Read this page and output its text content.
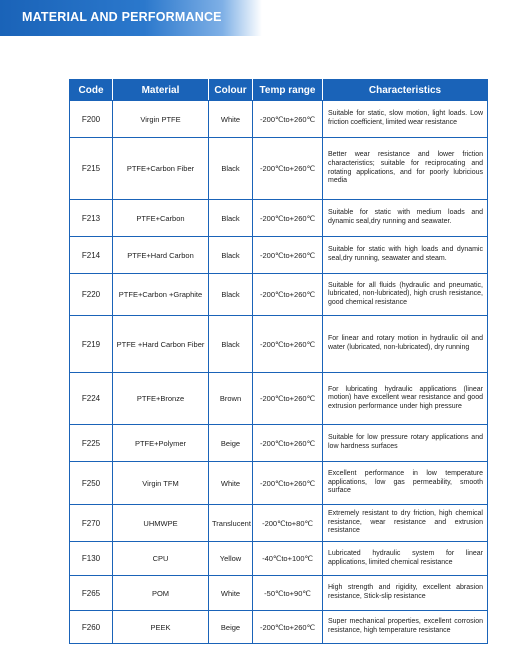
MATERIAL AND PERFORMANCE
Code	Material	Colour	Temp range	Characteristics
F200	Virgin PTFE	White	-200℃to+260℃	Suitable for static, slow motion, light loads. Low friction coefficient, limited wear resistance
F215	PTFE+Carbon Fiber	Black	-200℃to+260℃	Better wear resistance and lower friction characteristics; suitable for reciprocating and rotating applications, and for poorly lubricious media
F213	PTFE+Carbon	Black	-200℃to+260℃	Suitable for static with medium loads and dynamic seal,dry running and seawater.
F214	PTFE+Hard Carbon	Black	-200℃to+260℃	Suitable for static with high loads and dynamic seal,dry running, seawater and steam.
F220	PTFE+Carbon +Graphite	Black	-200℃to+260℃	Suitable for all fluids (hydraulic and pneumatic, lubricated, non-lubricated), high crush resistance, good chemical resistance
F219	PTFE +Hard Carbon Fiber	Black	-200℃to+260℃	For linear and rotary motion in hydraulic oil and water (lubricated, non-lubricated), dry running
F224	PTFE+Bronze	Brown	-200℃to+260℃	For lubricating hydraulic applications (linear motion) have excellent wear resistance and good extrusion performance under high pressure
F225	PTFE+Polymer	Beige	-200℃to+260℃	Suitable for low pressure rotary applications and low hardness surfaces
F250	Virgin TFM	White	-200℃to+260℃	Excellent performance in low temperature applications, low gas permeability, smooth surface
F270	UHMWPE	Translucent	-200℃to+80℃	Extremely resistant to dry friction, high chemical resistance, wear resistance and extrusion resistance
F130	CPU	Yellow	-40℃to+100℃	Lubricated hydraulic system for linear applications, limited chemical resistance
F265	POM	White	-50℃to+90℃	High strength and rigidity, excellent abrasion resistance, Stick-slip resistance
F260	PEEK	Beige	-200℃to+260℃	Super mechanical properties, excellent corrosion resistance, high temperature resistance
